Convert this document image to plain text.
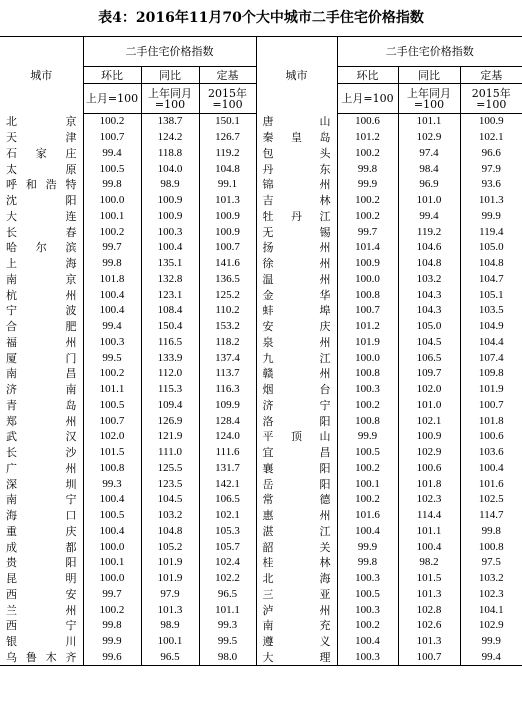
表4：2016年11月70个大中城市二手住宅价格指数
城市	二手住宅价格指数			城市	二手住宅价格指数		
	环比	同比	定基		环比	同比	定基
	上月=100	上年同月=100	2015年=100		上月=100	上年同月=100	2015年=100
北京	100.2	138.7	150.1	唐山	100.6	101.1	100.9
天津	100.7	124.2	126.7	秦皇岛	101.2	102.9	102.1
石家庄	99.4	118.8	119.2	包头	100.2	97.4	96.6
太原	100.5	104.0	104.8	丹东	99.8	98.4	97.9
呼和浩特	99.8	98.9	99.1	锦州	99.9	96.9	93.6
沈阳	100.0	100.9	101.3	吉林	100.2	101.0	101.3
大连	100.1	100.9	100.9	牡丹江	100.2	99.4	99.9
长春	100.2	100.3	100.9	无锡	99.7	119.2	119.4
哈尔滨	99.7	100.4	100.7	扬州	101.4	104.6	105.0
上海	99.8	135.1	141.6	徐州	100.9	104.8	104.8
南京	101.8	132.8	136.5	温州	100.0	103.2	104.7
杭州	100.4	123.1	125.2	金华	100.8	104.3	105.1
宁波	100.4	108.4	110.2	蚌埠	100.7	104.3	103.5
合肥	99.4	150.4	153.2	安庆	101.2	105.0	104.9
福州	100.3	116.5	118.2	泉州	101.9	104.5	104.4
厦门	99.5	133.9	137.4	九江	100.0	106.5	107.4
南昌	100.2	112.0	113.7	赣州	100.8	109.7	109.8
济南	101.1	115.3	116.3	烟台	100.3	102.0	101.9
青岛	100.5	109.4	109.9	济宁	100.2	101.0	100.7
郑州	100.7	126.9	128.4	洛阳	100.8	102.1	101.8
武汉	102.0	121.9	124.0	平顶山	99.9	100.9	100.6
长沙	101.5	111.0	111.6	宜昌	100.5	102.9	103.6
广州	100.8	125.5	131.7	襄阳	100.2	100.6	100.4
深圳	99.3	123.5	142.1	岳阳	100.1	101.8	101.6
南宁	100.4	104.5	106.5	常德	100.2	102.3	102.5
海口	100.5	103.2	102.1	惠州	101.6	114.4	114.7
重庆	100.4	104.8	105.3	湛江	100.4	101.1	99.8
成都	100.0	105.2	105.7	韶关	99.9	100.4	100.8
贵阳	100.1	101.9	102.4	桂林	99.8	98.2	97.5
昆明	100.0	101.9	102.2	北海	100.3	101.5	103.2
西安	99.7	97.9	96.5	三亚	100.5	101.3	102.3
兰州	100.2	101.3	101.1	泸州	100.3	102.8	104.1
西宁	99.8	98.9	99.3	南充	100.2	102.6	102.9
银川	99.9	100.1	99.5	遵义	100.4	101.3	99.9
乌鲁木齐	99.6	96.5	98.0	大理	100.3	100.7	99.4
